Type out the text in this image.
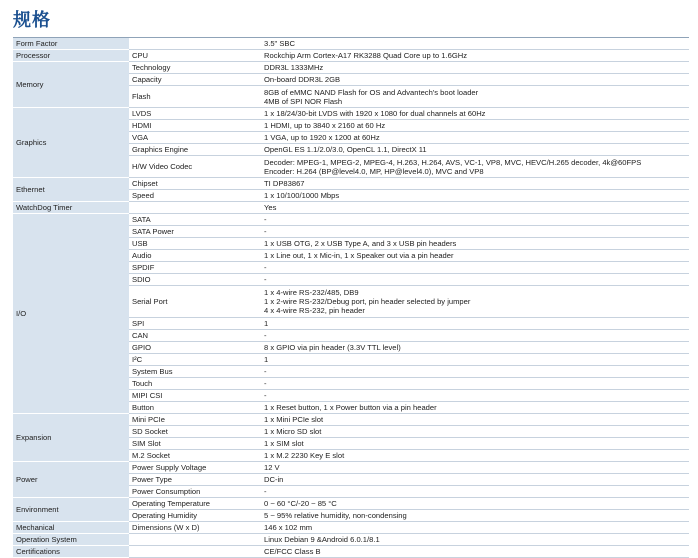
规格
Form Factor		3.5" SBC
Processor	CPU	Rockchip Arm Cortex-A17 RK3288 Quad Core up to 1.6GHz
Memory	Technology	DDR3L 1333MHz
	Capacity	On-board DDR3L 2GB
	Flash	8GB of eMMC NAND Flash for OS and Advantech's boot loader
4MB of SPI NOR Flash
Graphics	LVDS	1 x 18/24/30-bit LVDS with 1920 x 1080 for dual channels at 60Hz
	HDMI	1 HDMI, up to 3840 x 2160 at 60 Hz
	VGA	1 VGA, up to 1920 x 1200 at 60Hz
	Graphics Engine	OpenGL ES 1.1/2.0/3.0, OpenCL 1.1, DirectX 11
	H/W Video Codec	Decoder: MPEG-1, MPEG-2, MPEG-4, H.263, H.264, AVS, VC-1, VP8, MVC, HEVC/H.265 decoder, 4k@60FPS
Encoder: H.264 (BP@level4.0, MP, HP@level4.0), MVC and VP8
Ethernet	Chipset	TI DP83867
	Speed	1 x 10/100/1000 Mbps
WatchDog Timer		Yes
I/O	SATA	-
	SATA Power	-
	USB	1 x USB OTG, 2 x USB Type A, and 3 x USB pin headers
	Audio	1 x Line out, 1 x Mic-in, 1 x Speaker out via a pin header
	SPDIF	-
	SDIO	-
	Serial Port	1 x 4-wire RS-232/485, DB9
1 x 2-wire RS-232/Debug port, pin header selected by jumper
4 x 4-wire RS-232, pin header
	SPI	1
	CAN	-
	GPIO	8 x GPIO via pin header (3.3V TTL level)
	I²C	1
	System Bus	-
	Touch	-
	MIPI CSI	-
	Button	1 x Reset button, 1 x Power button via a pin header
Expansion	Mini PCIe	1 x Mini PCIe slot
	SD Socket	1 x Micro SD slot
	SIM Slot	1 x SIM slot
	M.2 Socket	1 x M.2 2230 Key E slot
Power	Power Supply Voltage	12 V
	Power Type	DC-in
	Power Consumption	-
Environment	Operating Temperature	0 ~ 60 °C/-20 ~ 85 °C
	Operating Humidity	5 ~ 95% relative humidity, non-condensing
Mechanical	Dimensions (W x D)	146 x 102 mm
Operation System		Linux Debian 9 &Android 6.0.1/8.1
Certifications		CE/FCC Class B
